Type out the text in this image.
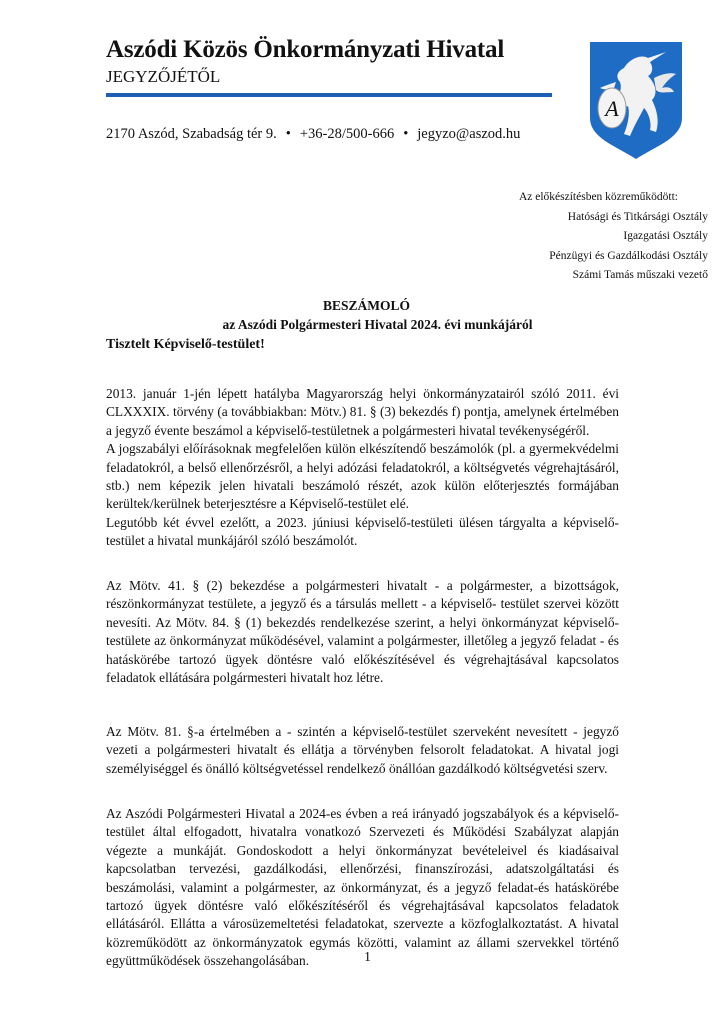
Aszódi Közös Önkormányzati Hivatal
JEGYZŐJÉTŐL
2170 Aszód, Szabadság tér 9. • +36-28/500-666 • jegyzo@aszod.hu
A
Az előkészítésben közreműködött:
Hatósági és Titkársági Osztály
Igazgatási Osztály
Pénzügyi és Gazdálkodási Osztály
Számi Tamás műszaki vezető
BESZÁMOLÓ
az Aszódi Polgármesteri Hivatal 2024. évi munkájáról
Tisztelt Képviselő-testület!

2013. január 1-jén lépett hatályba Magyarország helyi önkormányzatairól szóló 2011. évi CLXXXIX. törvény (a továbbiakban: Mötv.) 81. § (3) bekezdés f) pontja, amelynek értelmében a jegyző évente beszámol a képviselő-testületnek a polgármesteri hivatal tevékenységéről.

A jogszabályi előírásoknak megfelelően külön elkészítendő beszámolók (pl. a gyermekvédelmi feladatokról, a belső ellenőrzésről, a helyi adózási feladatokról, a költségvetés végrehajtásáról, stb.) nem képezik jelen hivatali beszámoló részét, azok külön előterjesztés formájában kerültek/kerülnek beterjesztésre a Képviselő-testület elé.

Legutóbb két évvel ezelőtt, a 2023. júniusi képviselő-testületi ülésen tárgyalta a képviselő-testület a hivatal munkájáról szóló beszámolót.

Az Mötv. 41. § (2) bekezdése a polgármesteri hivatalt - a polgármester, a bizottságok, részönkormányzat testülete, a jegyző és a társulás mellett - a képviselő- testület szervei között nevesíti. Az Mötv. 84. § (1) bekezdés rendelkezése szerint, a helyi önkormányzat képviselő-testülete az önkormányzat működésével, valamint a polgármester, illetőleg a jegyző feladat - és hatáskörébe tartozó ügyek döntésre való előkészítésével és végrehajtásával kapcsolatos feladatok ellátására polgármesteri hivatalt hoz létre.

Az Mötv. 81. §-a értelmében a - szintén a képviselő-testület szerveként nevesített - jegyző vezeti a polgármesteri hivatalt és ellátja a törvényben felsorolt feladatokat. A hivatal jogi személyiséggel és önálló költségvetéssel rendelkező önállóan gazdálkodó költségvetési szerv.

Az Aszódi Polgármesteri Hivatal a 2024-es évben a reá irányadó jogszabályok és a képviselő-testület által elfogadott, hivatalra vonatkozó Szervezeti és Működési Szabályzat alapján végezte a munkáját. Gondoskodott a helyi önkormányzat bevételeivel és kiadásaival kapcsolatban tervezési, gazdálkodási, ellenőrzési, finanszírozási, adatszolgáltatási és beszámolási, valamint a polgármester, az önkormányzat, és a jegyző feladat-és hatáskörébe tartozó ügyek döntésre való előkészítéséről és végrehajtásával kapcsolatos feladatok ellátásáról. Ellátta a városüzemeltetési feladatokat, szervezte a közfoglalkoztatást. A hivatal közreműködött az önkormányzatok egymás közötti, valamint az állami szervekkel történő együttműködések összehangolásában.	1
